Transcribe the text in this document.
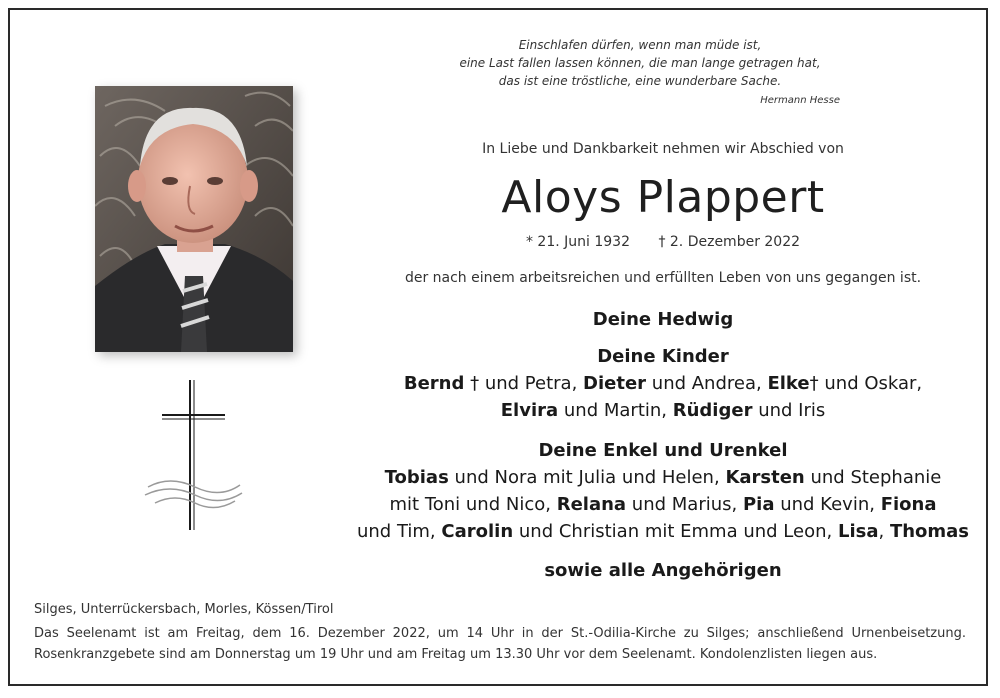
Einschlafen dürfen, wenn man müde ist,
eine Last fallen lassen können, die man lange getragen hat,
das ist eine tröstliche, eine wunderbare Sache.
Hermann Hesse
In Liebe und Dankbarkeit nehmen wir Abschied von
Aloys Plappert
* 21. Juni 1932 † 2. Dezember 2022
der nach einem arbeitsreichen und erfüllten Leben von uns gegangen ist.
Deine Hedwig
Deine Kinder
Bernd † und Petra, Dieter und Andrea, Elke† und Oskar,
Elvira und Martin, Rüdiger und Iris
Deine Enkel und Urenkel
Tobias und Nora mit Julia und Helen, Karsten und Stephanie
mit Toni und Nico, Relana und Marius, Pia und Kevin, Fiona
und Tim, Carolin und Christian mit Emma und Leon, Lisa, Thomas
sowie alle Angehörigen
Silges, Unterrückersbach, Morles, Kössen/Tirol
Das Seelenamt ist am Freitag, dem 16. Dezember 2022, um 14 Uhr in der St.-Odilia-Kirche zu Silges; anschließend Urnenbeisetzung.
Rosenkranzgebete sind am Donnerstag um 19 Uhr und am Freitag um 13.30 Uhr vor dem Seelenamt. Kondolenzlisten liegen aus.
